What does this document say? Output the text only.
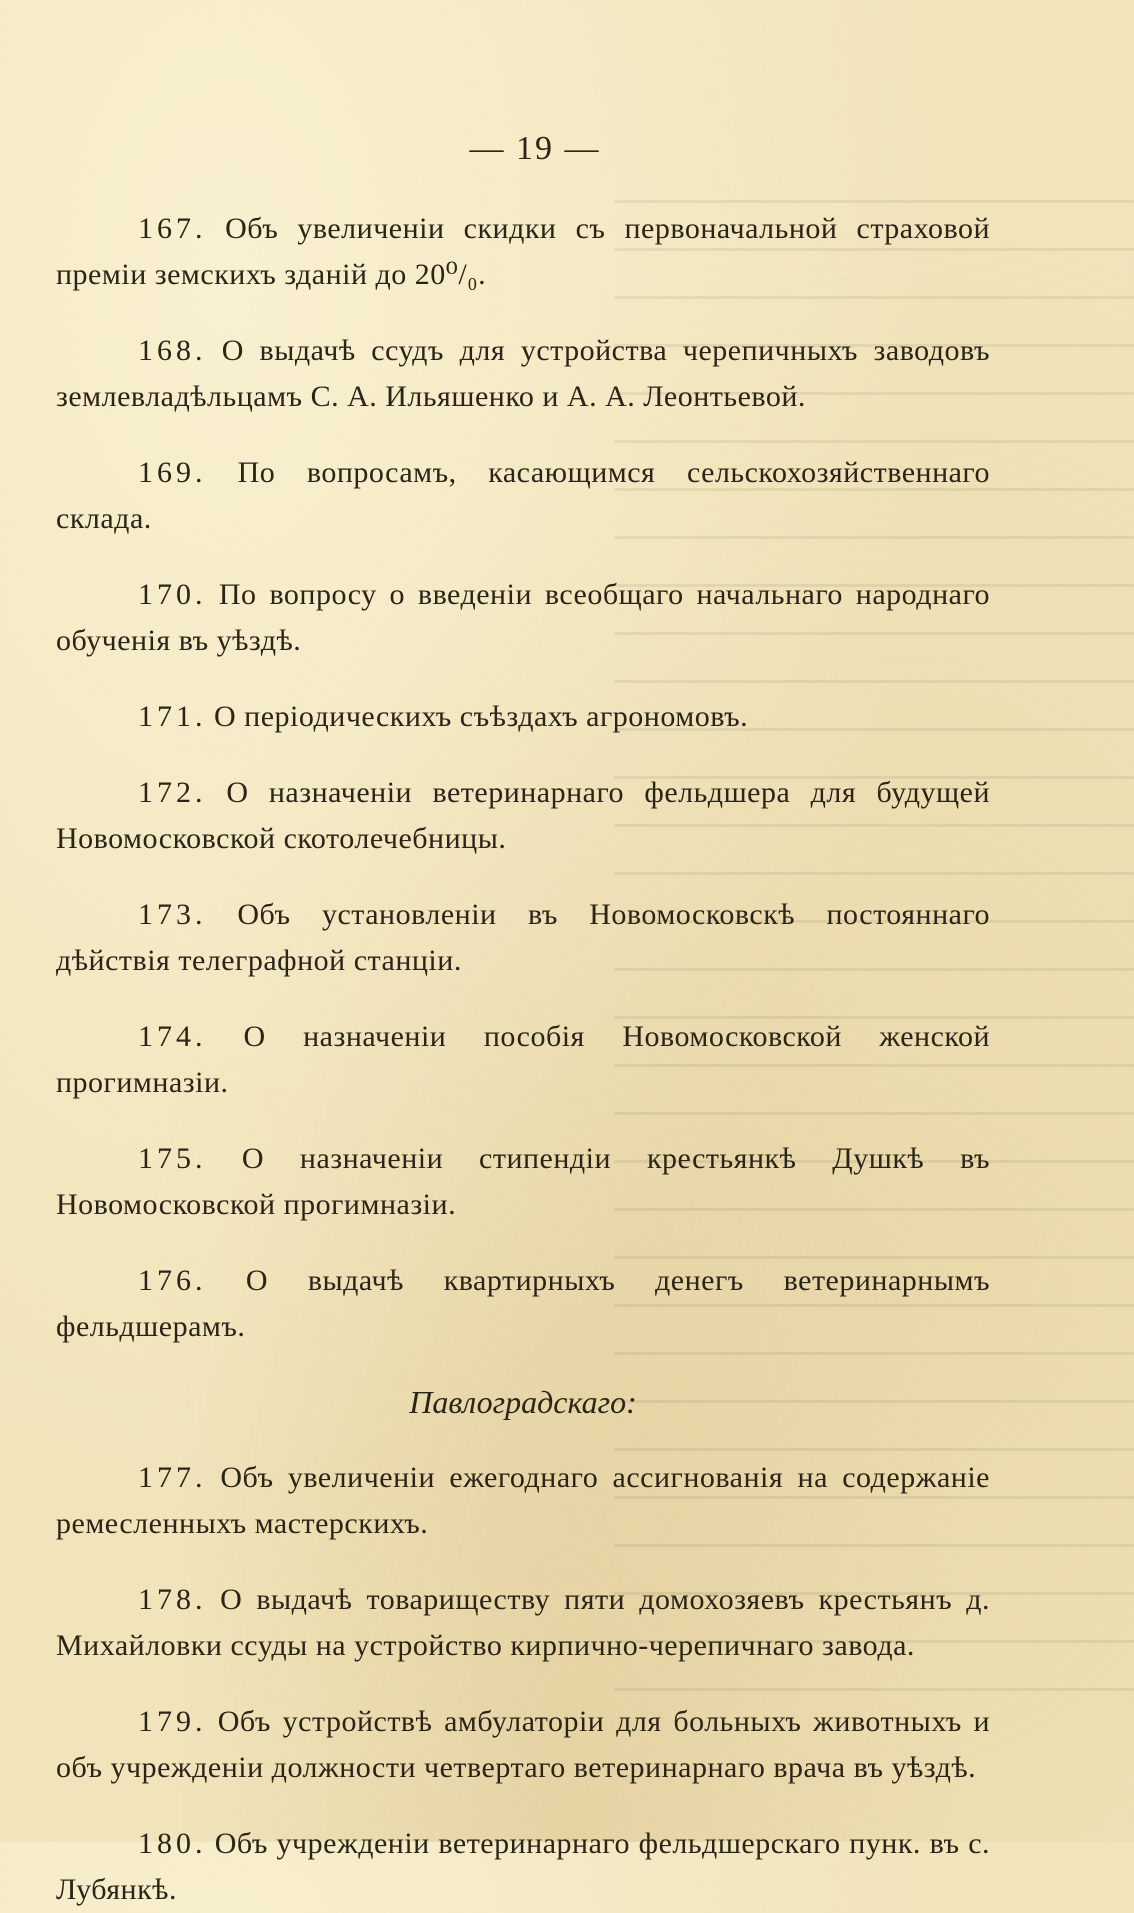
— 19 —

167. Объ увеличеніи скидки съ первоначальной страховой преміи земскихъ зданій до 20⁰/₀.

168. О выдачѣ ссудъ для устройства черепичныхъ заводовъ землевладѣльцамъ С. А. Ильяшенко и А. А. Леонтьевой.

169. По вопросамъ, касающимся сельскохозяйственнаго склада.

170. По вопросу о введеніи всеобщаго начальнаго народнаго обученія въ уѣздѣ.

171. О періодическихъ съѣздахъ агрономовъ.

172. О назначеніи ветеринарнаго фельдшера для будущей Новомосковской скотолечебницы.

173. Объ установленіи въ Новомосковскѣ постояннаго дѣйствія телеграфной станціи.

174. О назначеніи пособія Новомосковской женской прогимназіи.

175. О назначеніи стипендіи крестьянкѣ Душкѣ въ Новомосковской прогимназіи.

176. О выдачѣ квартирныхъ денегъ ветеринарнымъ фельдшерамъ.

Павлоградскаго:

177. Объ увеличеніи ежегоднаго ассигнованія на содержаніе ремесленныхъ мастерскихъ.

178. О выдачѣ товариществу пяти домохозяевъ крестьянъ д. Михайловки ссуды на устройство кирпично-черепичнаго завода.

179. Объ устройствѣ амбулаторіи для больныхъ животныхъ и объ учрежденіи должности четвертаго ветеринарнаго врача въ уѣздѣ.

180. Объ учрежденіи ветеринарнаго фельдшерскаго пунк. въ с. Лубянкѣ.
